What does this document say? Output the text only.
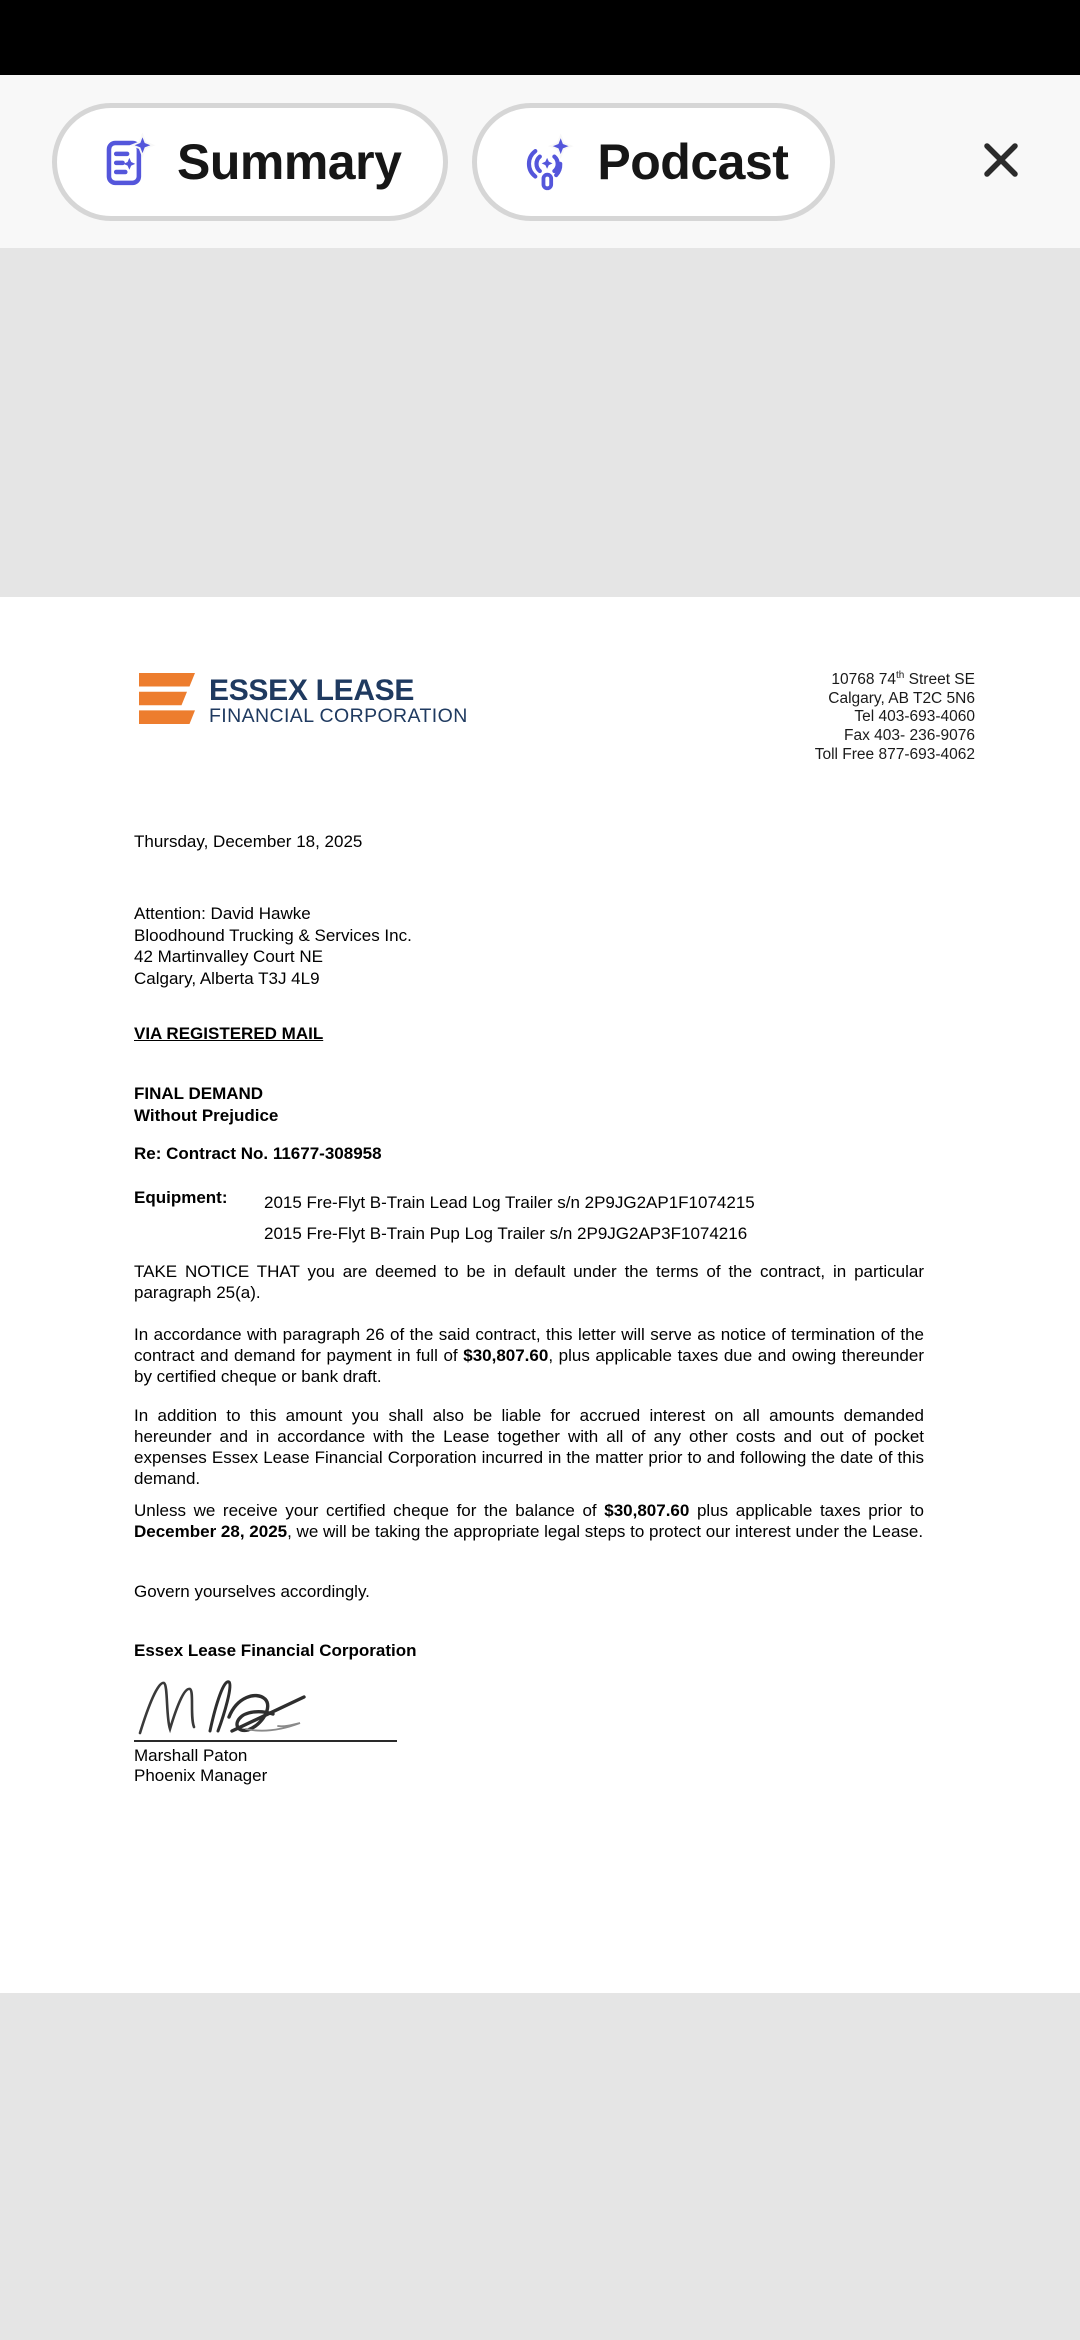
Summary	Podcast
ESSEX LEASE
FINANCIAL CORPORATION
10768 74th Street SE
Calgary, AB T2C 5N6
Tel 403-693-4060
Fax 403- 236-9076
Toll Free 877-693-4062
Thursday, December 18, 2025
Attention: David Hawke
Bloodhound Trucking & Services Inc.
42 Martinvalley Court NE
Calgary, Alberta T3J 4L9
VIA REGISTERED MAIL
FINAL DEMAND
Without Prejudice
Re: Contract No. 11677-308958
Equipment:	2015 Fre-Flyt B-Train Lead Log Trailer s/n 2P9JG2AP1F1074215
2015 Fre-Flyt B-Train Pup Log Trailer s/n 2P9JG2AP3F1074216
TAKE NOTICE THAT you are deemed to be in default under the terms of the contract, in particular paragraph 25(a).
In accordance with paragraph 26 of the said contract, this letter will serve as notice of termination of the contract and demand for payment in full of $30,807.60, plus applicable taxes due and owing thereunder by certified cheque or bank draft.
In addition to this amount you shall also be liable for accrued interest on all amounts demanded hereunder and in accordance with the Lease together with all of any other costs and out of pocket expenses Essex Lease Financial Corporation incurred in the matter prior to and following the date of this demand.
Unless we receive your certified cheque for the balance of $30,807.60 plus applicable taxes prior to December 28, 2025, we will be taking the appropriate legal steps to protect our interest under the Lease.
Govern yourselves accordingly.
Essex Lease Financial Corporation
Marshall Paton
Phoenix Manager
